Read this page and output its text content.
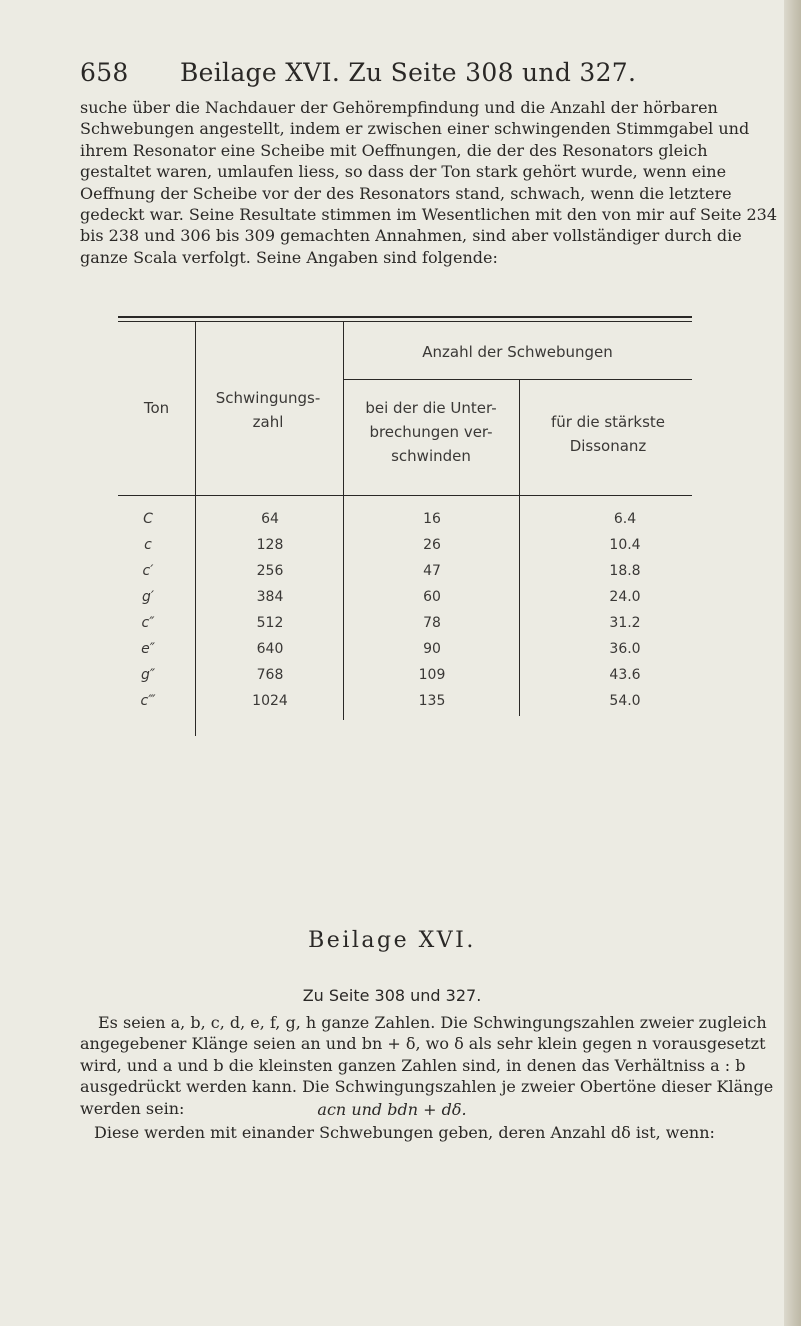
658 Beilage XVI. Zu Seite 308 und 327.

suche über die Nachdauer der Gehörempfindung und die Anzahl der hörbaren Schwebungen angestellt, indem er zwischen einer schwingenden Stimmgabel und ihrem Resonator eine Scheibe mit Oeffnungen, die der des Resonators gleich gestaltet waren, umlaufen liess, so dass der Ton stark gehört wurde, wenn eine Oeffnung der Scheibe vor der des Resonators stand, schwach, wenn die letztere gedeckt war. Seine Resultate stimmen im Wesentlichen mit den von mir auf Seite 234 bis 238 und 306 bis 309 gemachten Annahmen, sind aber vollständiger durch die ganze Scala verfolgt. Seine Angaben sind folgende:

Ton
Schwingungs-zahl
Anzahl der Schwebungen
bei der die Unter-brechungen ver-schwinden
für die stärkste Dissonanz
C	64	16	6.4
c	128	26	10.4
c′	256	47	18.8
g′	384	60	24.0
c″	512	78	31.2
e″	640	90	36.0
g″	768	109	43.6
c‴	1024	135	54.0
Beilage XVI.
Zu Seite 308 und 327.

Es seien a, b, c, d, e, f, g, h ganze Zahlen. Die Schwingungszahlen zweier zugleich angegebener Klänge seien an und bn + δ, wo δ als sehr klein gegen n vorausgesetzt wird, und a und b die kleinsten ganzen Zahlen sind, in denen das Verhältniss a : b ausgedrückt werden kann. Die Schwingungszahlen je zweier Obertöne dieser Klänge werden sein:	acn und bdn + dδ.

Diese werden mit einander Schwebungen geben, deren Anzahl dδ ist, wenn:
